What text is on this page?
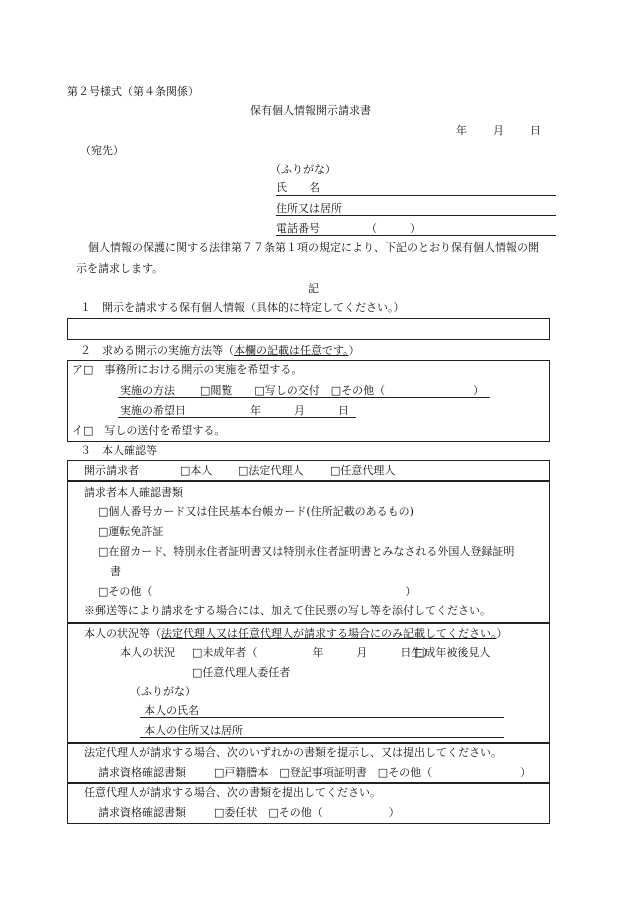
第２号様式（第４条関係）
保有個人情報開示請求書
年 月 日
（宛先）
（ふりがな）
氏　　名
住所又は居所
電話番号	（　　　）
個人情報の保護に関する法律第７７条第１項の規定により、下記のとおり保有個人情報の開
示を請求します。
記
１　開示を請求する保有個人情報（具体的に特定してください。）
２　求める開示の実施方法等（本欄の記載は任意です。）
ア□　事務所における開示の実施を希望する。
実施の方法 □閲覧　　□写しの交付　□その他（　　　　　　　　）
実施の希望日	年　　　月　　　日
イ□　写しの送付を希望する。
３　本人確認等
開示請求者	□本人 □法定代理人 □任意代理人
請求者本人確認書類
□個人番号カード又は住民基本台帳カード(住所記載のあるもの)
□運転免許証
□在留カード、特別永住者証明書又は特別永住者証明書とみなされる外国人登録証明
書
□その他（　　　　　　　　　　　　　　　　　　　　　　　）
※郵送等により請求をする場合には、加えて住民票の写し等を添付してください。
本人の状況等（法定代理人又は任意代理人が請求する場合にのみ記載してください。）
本人の状況 □未成年者（　　　　　年　　　月　　　日生）
□成年被後見人
□任意代理人委任者
（ふりがな）
本人の氏名
本人の住所又は居所
法定代理人が請求する場合、次のいずれかの書類を提示し、又は提出してください。
請求資格確認書類	□戸籍謄本　□登記事項証明書　□その他（　　　　　　　　）
任意代理人が請求する場合、次の書類を提出してください。
請求資格確認書類	□委任状　□その他（　　　　　　）
